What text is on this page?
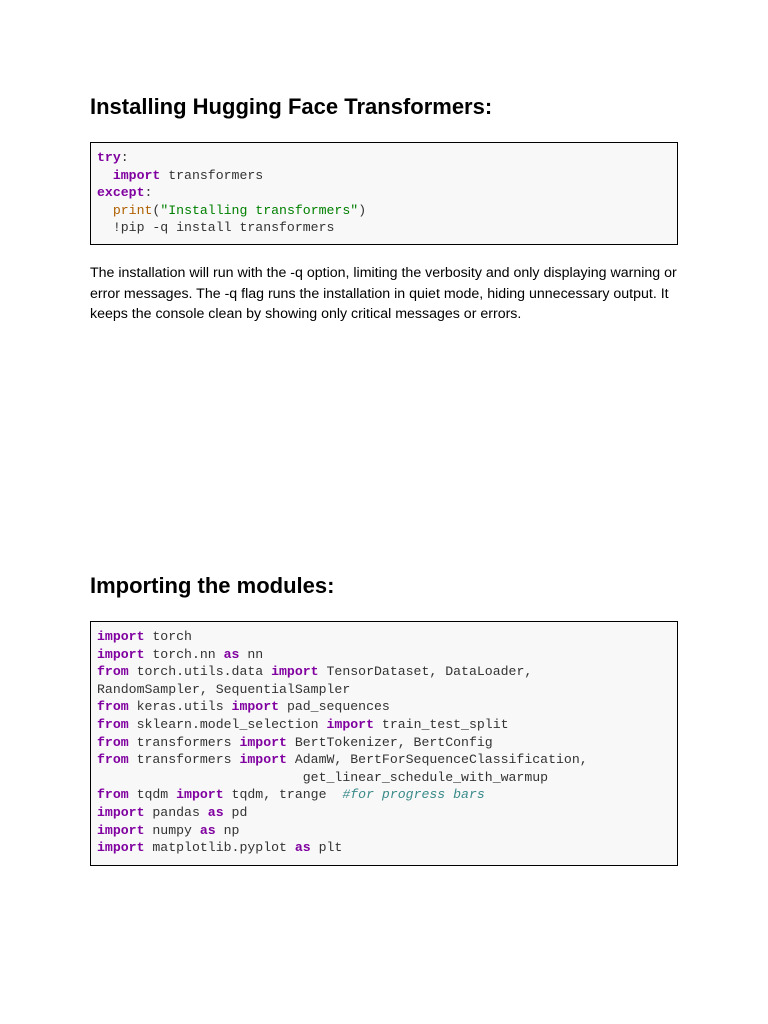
Installing Hugging Face Transformers:
try:
import transformers
except:
print("Installing transformers")
!pip -q install transformers

The installation will run with the -q option, limiting the verbosity and only displaying warning or error messages. The -q flag runs the installation in quiet mode, hiding unnecessary output. It keeps the console clean by showing only critical messages or errors.

Importing the modules:
import torch
import torch.nn as nn
from torch.utils.data import TensorDataset, DataLoader,
RandomSampler, SequentialSampler
from keras.utils import pad_sequences
from sklearn.model_selection import train_test_split
from transformers import BertTokenizer, BertConfig
from transformers import AdamW, BertForSequenceClassification,
get_linear_schedule_with_warmup
from tqdm import tqdm, trange  #for progress bars
import pandas as pd
import numpy as np
import matplotlib.pyplot as plt
